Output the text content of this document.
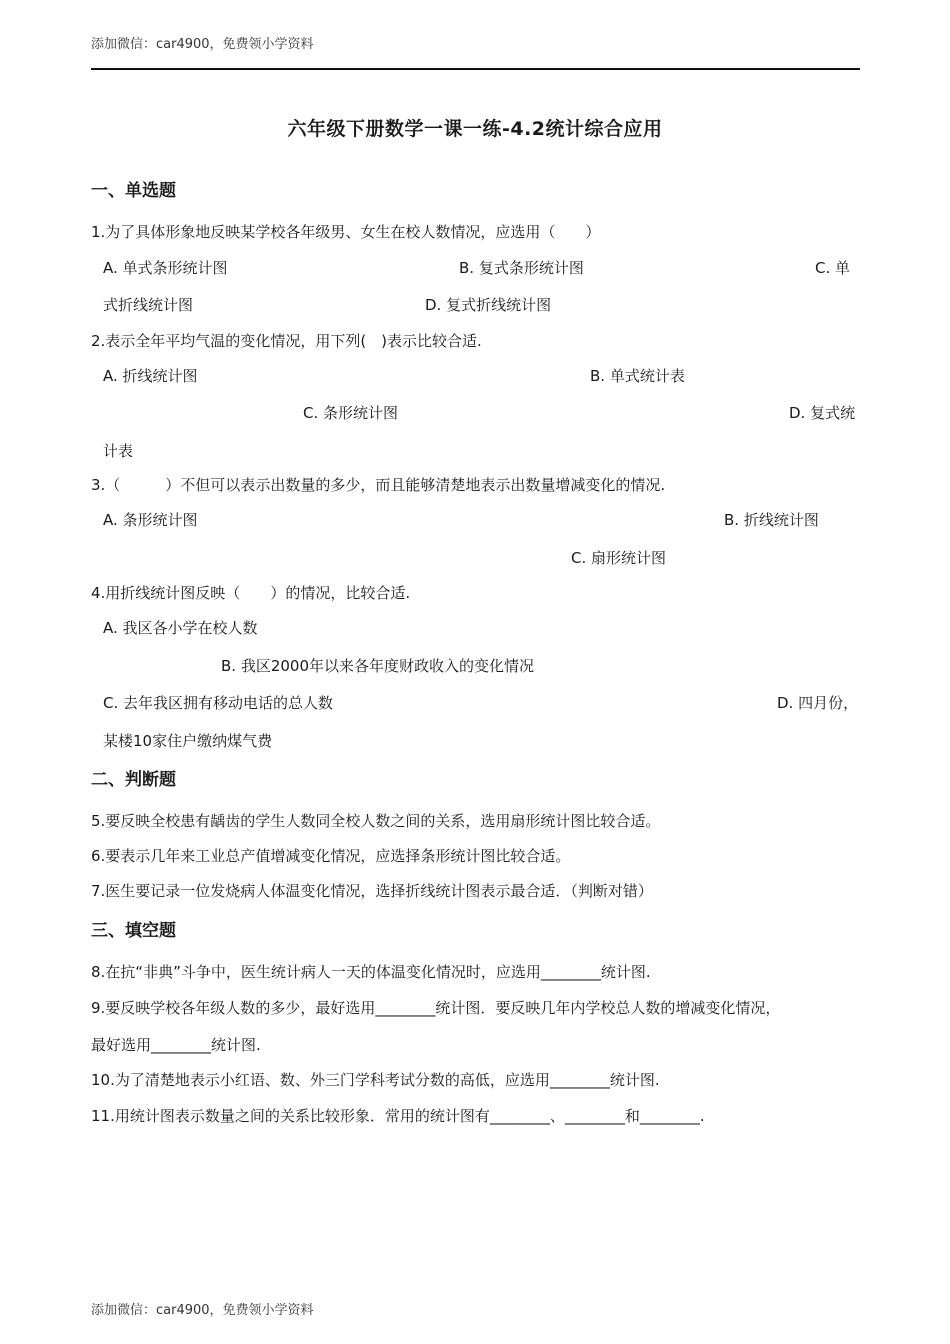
添加微信：car4900，免费领小学资料
六年级下册数学一课一练-4.2统计综合应用
一、单选题
1.为了具体形象地反映某学校各年级男、女生在校人数情况，应选用（　　）
A. 单式条形统计图	B. 复式条形统计图	C. 单
式折线统计图	D. 复式折线统计图
2.表示全年平均气温的变化情况，用下列(　)表示比较合适.
A. 折线统计图	B. 单式统计表
C. 条形统计图	D. 复式统
计表
3.（　　　）不但可以表示出数量的多少，而且能够清楚地表示出数量增减变化的情况.
A. 条形统计图	B. 折线统计图
C. 扇形统计图
4.用折线统计图反映（　　）的情况，比较合适.
A. 我区各小学在校人数
B. 我区2000年以来各年度财政收入的变化情况
C. 去年我区拥有移动电话的总人数	D. 四月份，
某楼10家住户缴纳煤气费
二、判断题
5.要反映全校患有龋齿的学生人数同全校人数之间的关系，选用扇形统计图比较合适。
6.要表示几年来工业总产值增减变化情况，应选择条形统计图比较合适。
7.医生要记录一位发烧病人体温变化情况，选择折线统计图表示最合适．（判断对错）
三、填空题
8.在抗“非典”斗争中，医生统计病人一天的体温变化情况时，应选用________统计图.
9.要反映学校各年级人数的多少，最好选用________统计图．要反映几年内学校总人数的增减变化情况，
最好选用________统计图.
10.为了清楚地表示小红语、数、外三门学科考试分数的高低，应选用________统计图.
11.用统计图表示数量之间的关系比较形象．常用的统计图有________、________和________.
添加微信：car4900，免费领小学资料
